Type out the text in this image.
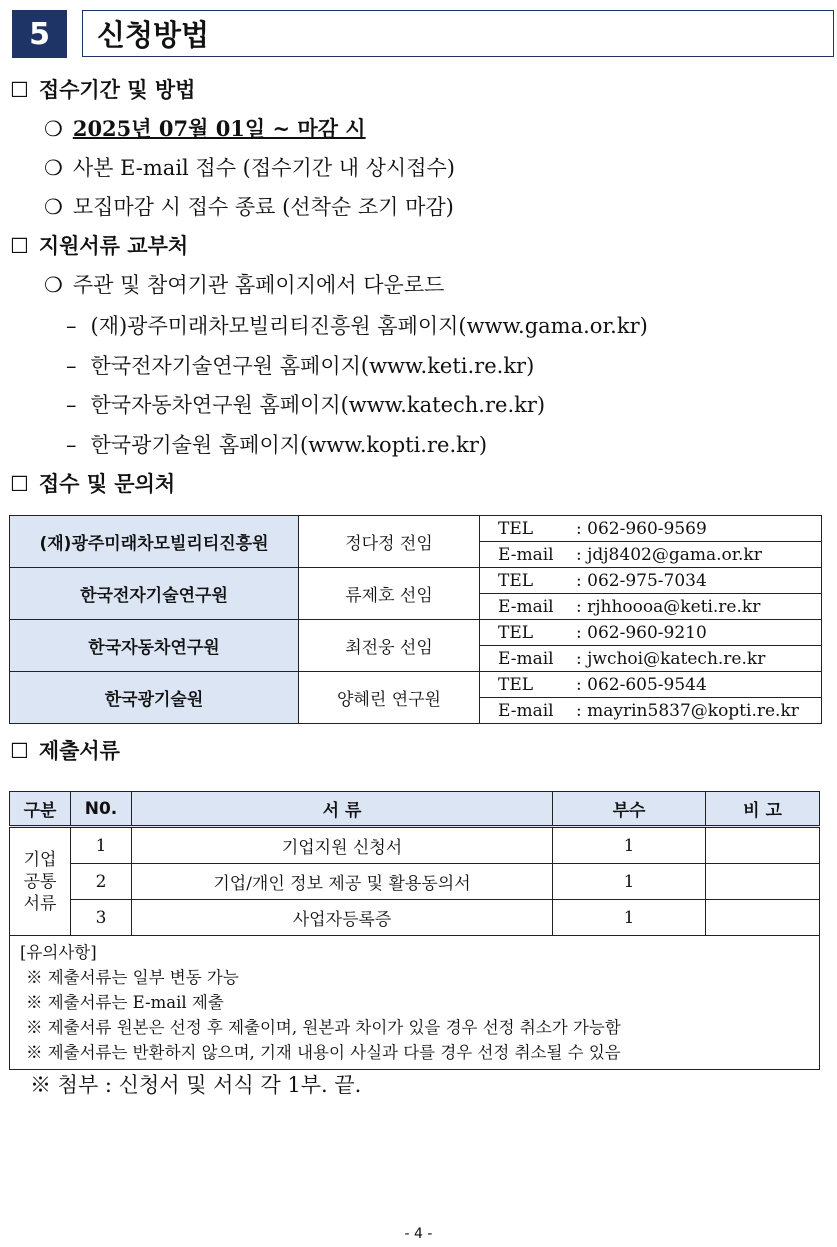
5	신청방법
☐ 접수기간 및 방법
❍ 2025년 07월 01일 ~ 마감 시
❍ 사본 E-mail 접수 (접수기간 내 상시접수)
❍ 모집마감 시 접수 종료 (선착순 조기 마감)
☐ 지원서류 교부처
❍ 주관 및 참여기관 홈페이지에서 다운로드
– (재)광주미래차모빌리티진흥원 홈페이지(www.gama.or.kr)
– 한국전자기술연구원 홈페이지(www.keti.re.kr)
– 한국자동차연구원 홈페이지(www.katech.re.kr)
– 한국광기술원 홈페이지(www.kopti.re.kr)
☐ 접수 및 문의처
(재)광주미래차모빌리티진흥원	정다정 전임	TEL : 062-960-9569
		E-mail : jdj8402@gama.or.kr
한국전자기술연구원	류제호 선임	TEL : 062-975-7034
		E-mail : rjhhoooa@keti.re.kr
한국자동차연구원	최전웅 선임	TEL : 062-960-9210
		E-mail : jwchoi@katech.re.kr
한국광기술원	양혜린 연구원	TEL : 062-605-9544
		E-mail : mayrin5837@kopti.re.kr
☐ 제출서류
구분	N0.	서 류	부수	비 고
기업
공통
서류	1	기업지원 신청서	1	
	2	기업/개인 정보 제공 및 활용동의서	1	
	3	사업자등록증	1	

[유의사항]
※ 제출서류는 일부 변동 가능
※ 제출서류는 E-mail 제출
※ 제출서류 원본은 선정 후 제출이며, 원본과 차이가 있을 경우 선정 취소가 가능함
※ 제출서류는 반환하지 않으며, 기재 내용이 사실과 다를 경우 선정 취소될 수 있음				
※ 첨부 : 신청서 및 서식 각 1부. 끝.
- 4 -
